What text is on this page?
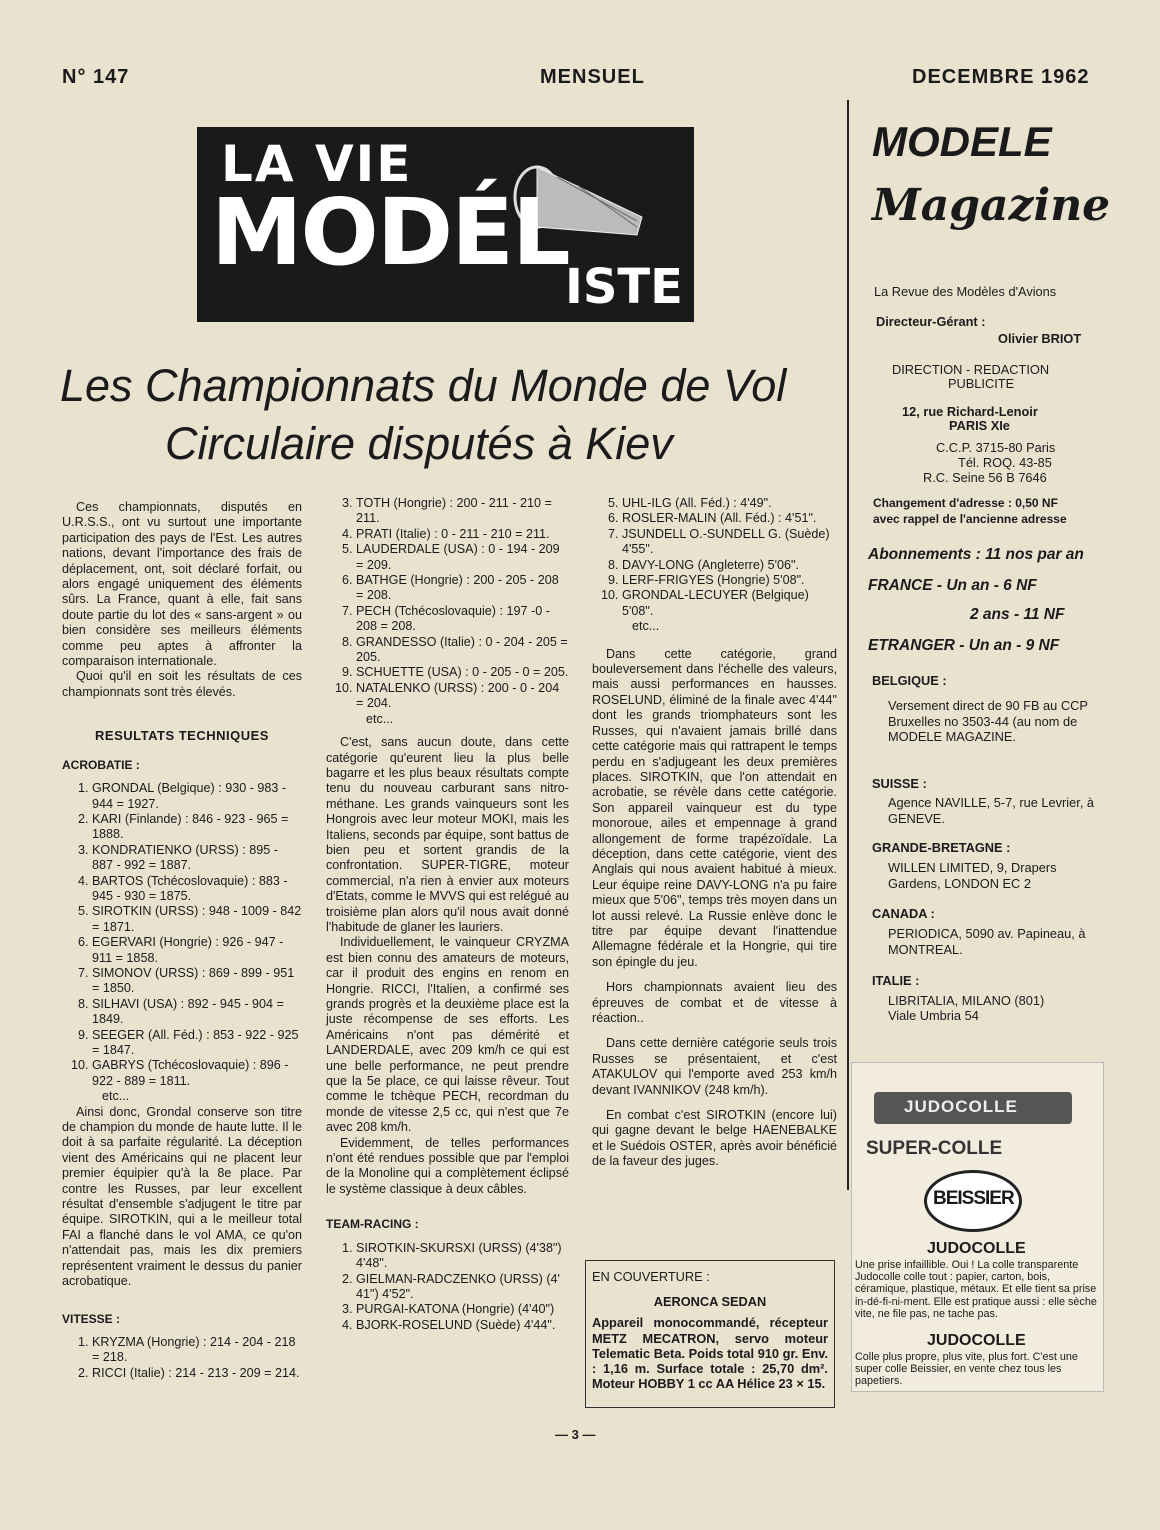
N° 147	MENSUEL	DECEMBRE 1962
LA VIE
MODÉL
ISTE
Les Championnats du Monde de Vol
Circulaire disputés à Kiev

Ces championnats, disputés en U.R.S.S., ont vu surtout une importante participation des pays de l'Est. Les autres nations, devant l'importance des frais de déplacement, ont, soit déclaré forfait, ou alors engagé uniquement des éléments sûrs. La France, quant à elle, fait sans doute partie du lot des « sans-argent » ou bien considère ses meilleurs éléments comme peu aptes à affronter la comparaison internationale.

Quoi qu'il en soit les résultats de ces championnats sont très élevés.

RESULTATS TECHNIQUES
ACROBATIE :
1. GRONDAL (Belgique) : 930 - 983 - 944 = 1927.
2. KARI (Finlande) : 846 - 923 - 965 = 1888.
3. KONDRATIENKO (URSS) : 895 - 887 - 992 = 1887.
4. BARTOS (Tchécoslovaquie) : 883 - 945 - 930 = 1875.
5. SIROTKIN (URSS) : 948 - 1009 - 842 = 1871.
6. EGERVARI (Hongrie) : 926 - 947 - 911 = 1858.
7. SIMONOV (URSS) : 869 - 899 - 951 = 1850.
8. SILHAVI (USA) : 892 - 945 - 904 = 1849.
9. SEEGER (All. Féd.) : 853 - 922 - 925 = 1847.
10. GABRYS (Tchécoslovaquie) : 896 - 922 - 889 = 1811.
etc...

Ainsi donc, Grondal conserve son titre de champion du monde de haute lutte. Il le doit à sa parfaite régularité. La déception vient des Américains qui ne placent leur premier équipier qu'à la 8e place. Par contre les Russes, par leur excellent résultat d'ensemble s'adjugent le titre par équipe. SIROTKIN, qui a le meilleur total FAI a flanché dans le vol AMA, ce qu'on n'attendait pas, mais les dix premiers représentent vraiment le dessus du panier acrobatique.

VITESSE :
1. KRYZMA (Hongrie) : 214 - 204 - 218 = 218.
2. RICCI (Italie) : 214 - 213 - 209 = 214.
3. TOTH (Hongrie) : 200 - 211 - 210 = 211.
4. PRATI (Italie) : 0 - 211 - 210 = 211.
5. LAUDERDALE (USA) : 0 - 194 - 209 = 209.
6. BATHGE (Hongrie) : 200 - 205 - 208 = 208.
7. PECH (Tchécoslovaquie) : 197 -0 - 208 = 208.
8. GRANDESSO (Italie) : 0 - 204 - 205 = 205.
9. SCHUETTE (USA) : 0 - 205 - 0 = 205.
10. NATALENKO (URSS) : 200 - 0 - 204 = 204.
etc...

C'est, sans aucun doute, dans cette catégorie qu'eurent lieu la plus belle bagarre et les plus beaux résultats compte tenu du nouveau carburant sans nitro-méthane. Les grands vainqueurs sont les Hongrois avec leur moteur MOKI, mais les Italiens, seconds par équipe, sont battus de bien peu et sortent grandis de la confrontation. SUPER-TIGRE, moteur commercial, n'a rien à envier aux moteurs d'Etats, comme le MVVS qui est relégué au troisième plan alors qu'il nous avait donné l'habitude de glaner les lauriers.

Individuellement, le vainqueur CRYZMA est bien connu des amateurs de moteurs, car il produit des engins en renom en Hongrie. RICCI, l'Italien, a confirmé ses grands progrès et la deuxième place est la juste récompense de ses efforts. Les Américains n'ont pas démérité et LANDERDALE, avec 209 km/h ce qui est une belle performance, ne peut prendre que la 5e place, ce qui laisse rêveur. Tout comme le tchèque PECH, recordman du monde de vitesse 2,5 cc, qui n'est que 7e avec 208 km/h.

Evidemment, de telles performances n'ont été rendues possible que par l'emploi de la Monoline qui a complètement éclipsé le système classique à deux câbles.

TEAM-RACING :
1. SIROTKIN-SKURSXI (URSS) (4'38") 4'48".
2. GIELMAN-RADCZENKO (URSS) (4' 41") 4'52".
3. PURGAI-KATONA (Hongrie) (4'40")
4. BJORK-ROSELUND (Suède) 4'44".
5. UHL-ILG (All. Féd.) : 4'49".
6. ROSLER-MALIN (All. Féd.) : 4'51".
7. JSUNDELL O.-SUNDELL G. (Suède) 4'55".
8. DAVY-LONG (Angleterre) 5'06".
9. LERF-FRIGYES (Hongrie) 5'08".
10. GRONDAL-LECUYER (Belgique) 5'08".
etc...

Dans cette catégorie, grand bouleversement dans l'échelle des valeurs, mais aussi performances en hausses. ROSELUND, éliminé de la finale avec 4'44" dont les grands triomphateurs sont les Russes, qui n'avaient jamais brillé dans cette catégorie mais qui rattrapent le temps perdu en s'adjugeant les deux premières places. SIROTKIN, que l'on attendait en acrobatie, se révèle dans cette catégorie. Son appareil vainqueur est du type monoroue, ailes et empennage à grand allongement de forme trapézoïdale. La déception, dans cette catégorie, vient des Anglais qui nous avaient habitué à mieux. Leur équipe reine DAVY-LONG n'a pu faire mieux que 5'06", temps très moyen dans un lot aussi relevé. La Russie enlève donc le titre par équipe devant l'inattendue Allemagne fédérale et la Hongrie, qui tire son épingle du jeu.

Hors championnats avaient lieu des épreuves de combat et de vitesse à réaction..

Dans cette dernière catégorie seuls trois Russes se présentaient, et c'est ATAKULOV qui l'emporte aved 253 km/h devant IVANNIKOV (248 km/h).

En combat c'est SIROTKIN (encore lui) qui gagne devant le belge HAENEBALKE et le Suédois OSTER, après avoir bénéficié de la faveur des juges.

EN COUVERTURE :
AERONCA SEDAN
Appareil monocommandé, récepteur METZ MECATRON, servo moteur Telematic Beta. Poids total 910 gr. Env. : 1,16 m. Surface totale : 25,70 dm². Moteur HOBBY 1 cc AA Hélice 23 × 15.
MODELE
Magazine
La Revue des Modèles d'Avions
Directeur-Gérant :
Olivier BRIOT
DIRECTION - REDACTION
PUBLICITE
12, rue Richard-Lenoir
PARIS XIe
C.C.P. 3715-80 Paris
Tél. ROQ. 43-85
R.C. Seine 56 B 7646
Changement d'adresse : 0,50 NF
avec rappel de l'ancienne adresse
Abonnements : 11 nos par an
FRANCE - Un an - 6 NF
2 ans - 11 NF
ETRANGER - Un an - 9 NF
BELGIQUE :
Versement direct de 90 FB au CCP Bruxelles no 3503-44 (au nom de MODELE MAGAZINE.
SUISSE :
Agence NAVILLE, 5-7, rue Levrier, à GENEVE.
GRANDE-BRETAGNE :
WILLEN LIMITED, 9, Drapers Gardens, LONDON EC 2
CANADA :
PERIODICA, 5090 av. Papineau, à MONTREAL.
ITALIE :
LIBRITALIA, MILANO (801)
Viale Umbria 54
JUDOCOLLE
SUPER-COLLE
BEISSIER
JUDOCOLLE
Une prise infaillible. Oui ! La colle transparente Judocolle colle tout : papier, carton, bois, céramique, plastique, métaux. Et elle tient sa prise in-dé-fi-ni-ment. Elle est pratique aussi : elle sèche vite, ne file pas, ne tache pas.
JUDOCOLLE
Colle plus propre, plus vite, plus fort. C'est une super colle Beissier, en vente chez tous les papetiers.
— 3 —
